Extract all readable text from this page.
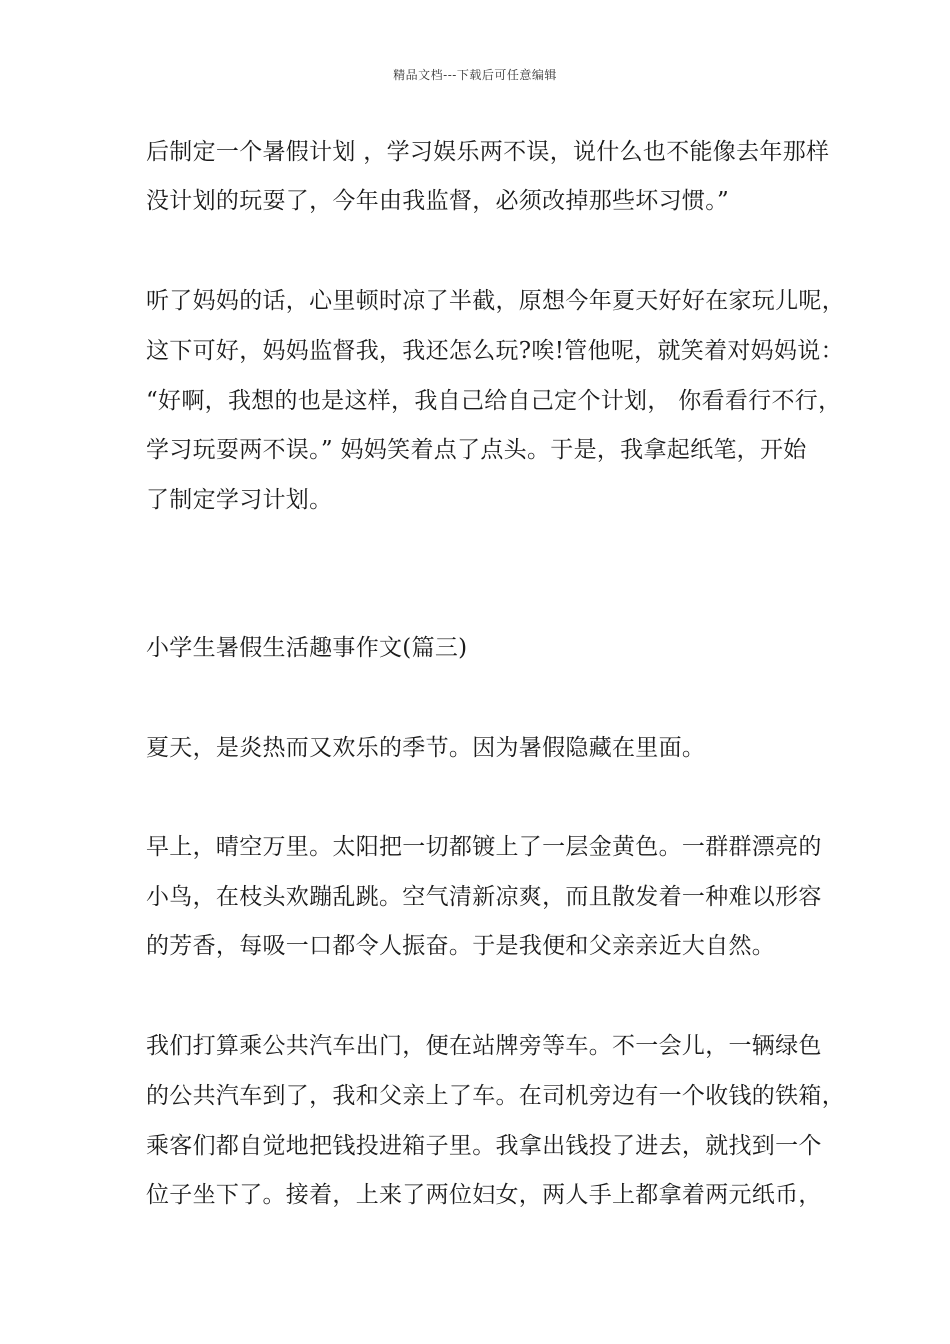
精品文档---下载后可任意编辑
后制定一个暑假计划 ，学习娱乐两不误，说什么也不能像去年那样
没计划的玩耍了，今年由我监督，必须改掉那些坏习惯。”
听了妈妈的话，心里顿时凉了半截，原想今年夏天好好在家玩儿呢，
这下可好，妈妈监督我，我还怎么玩?唉!管他呢，就笑着对妈妈说：
“好啊，我想的也是这样，我自己给自己定个计划， 你看看行不行，
学习玩耍两不误。” 妈妈笑着点了点头。于是，我拿起纸笔，开始
了制定学习计划。
小学生暑假生活趣事作文(篇三)
夏天，是炎热而又欢乐的季节。因为暑假隐藏在里面。
早上，晴空万里。太阳把一切都镀上了一层金黄色。一群群漂亮的
小鸟，在枝头欢蹦乱跳。空气清新凉爽，而且散发着一种难以形容
的芳香，每吸一口都令人振奋。于是我便和父亲亲近大自然。
我们打算乘公共汽车出门，便在站牌旁等车。不一会儿，一辆绿色
的公共汽车到了，我和父亲上了车。在司机旁边有一个收钱的铁箱，
乘客们都自觉地把钱投进箱子里。我拿出钱投了进去，就找到一个
位子坐下了。接着，上来了两位妇女，两人手上都拿着两元纸币，
